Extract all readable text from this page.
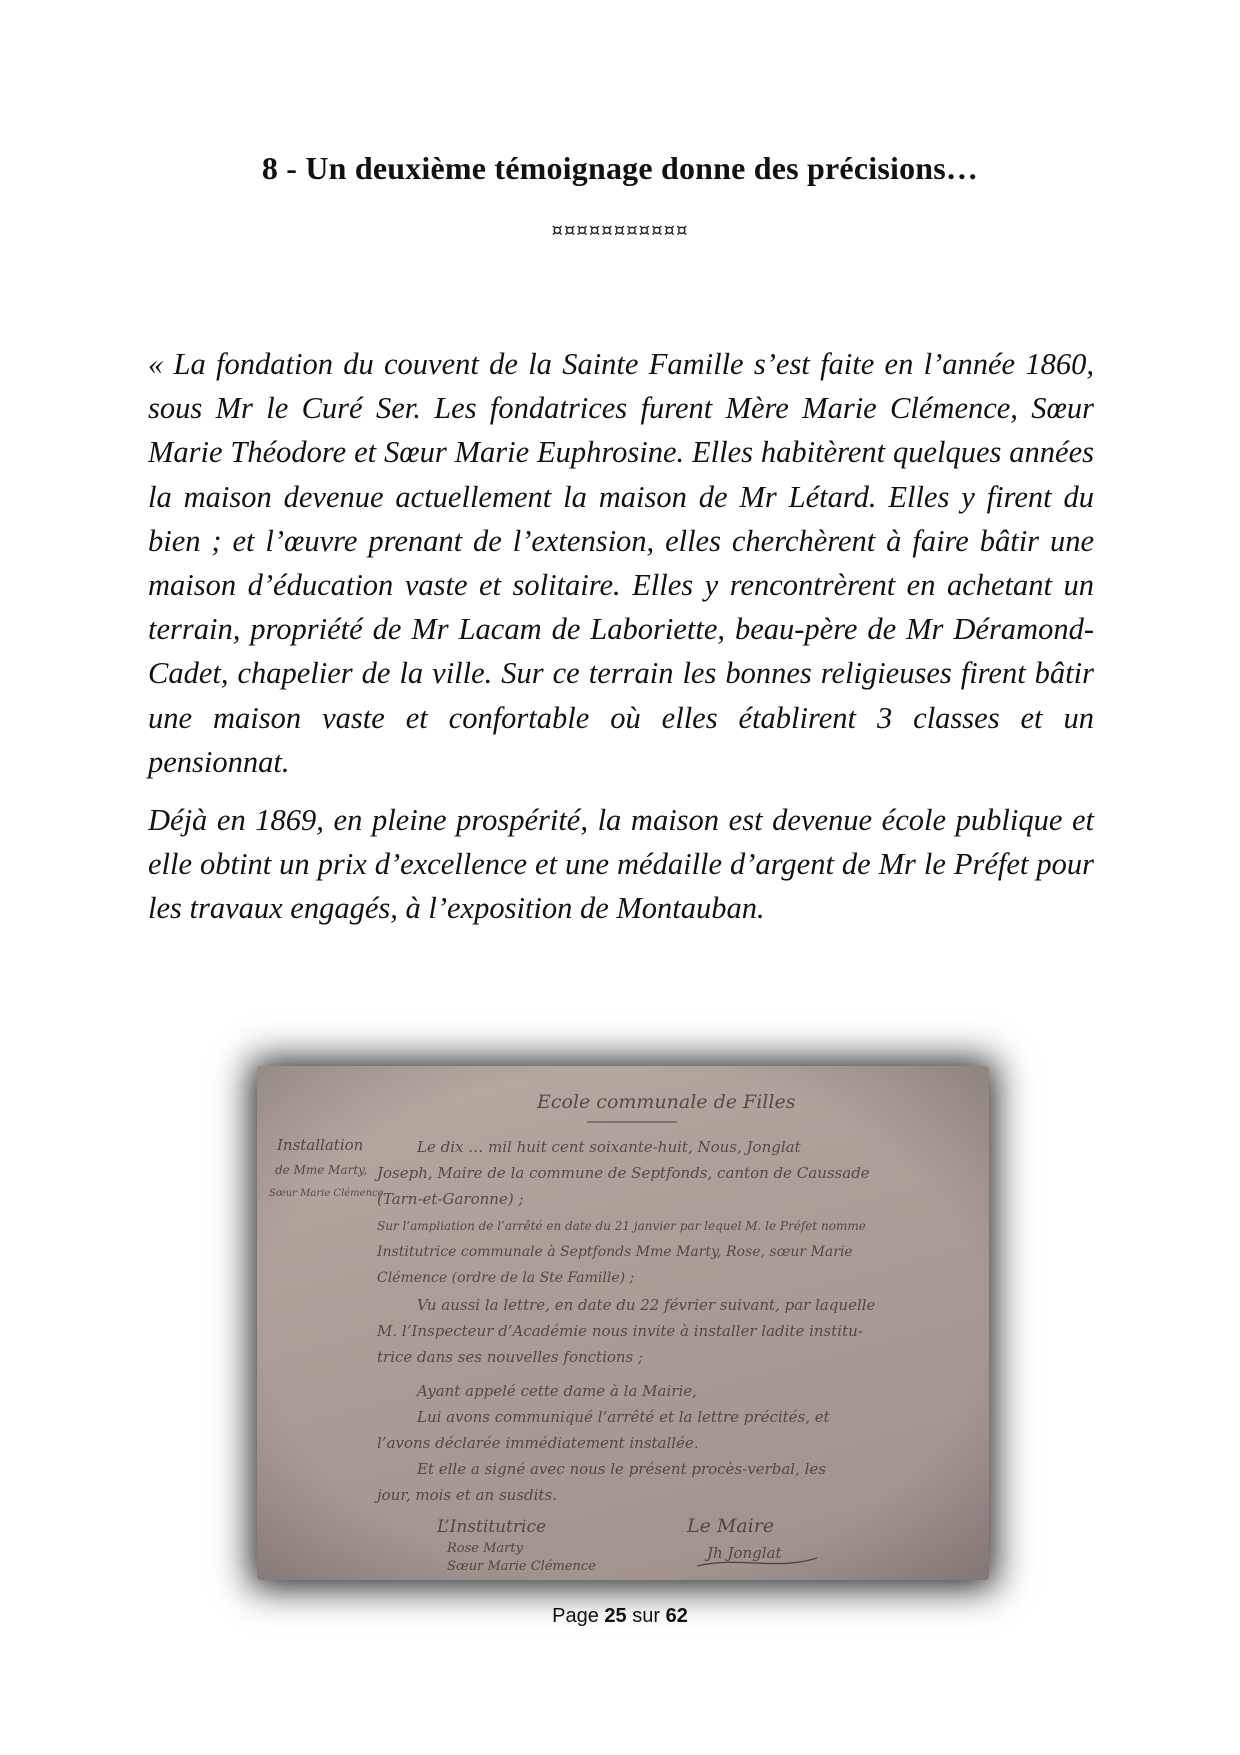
8 - Un deuxième témoignage donne des précisions…
¤¤¤¤¤¤¤¤¤¤¤

« La fondation du couvent de la Sainte Famille s’est faite en l’année 1860, sous Mr le Curé Ser. Les fondatrices furent Mère Marie Clémence, Sœur Marie Théodore et Sœur Marie Euphrosine. Elles habitèrent quelques années la maison devenue actuellement la maison de Mr Létard. Elles y firent du bien ; et l’œuvre prenant de l’extension, elles cherchèrent à faire bâtir une maison d’éducation vaste et solitaire. Elles y rencontrèrent en achetant un terrain, propriété de Mr Lacam de Laboriette, beau-père de Mr Déramond-Cadet, chapelier de la ville. Sur ce terrain les bonnes religieuses firent bâtir une maison vaste et confortable où elles établirent 3 classes et un pensionnat.

Déjà en 1869, en pleine prospérité, la maison est devenue école publique et elle obtint un prix d’excellence et une médaille d’argent de Mr le Préfet pour les travaux engagés, à l’exposition de Montauban.

Page 25 sur 62
